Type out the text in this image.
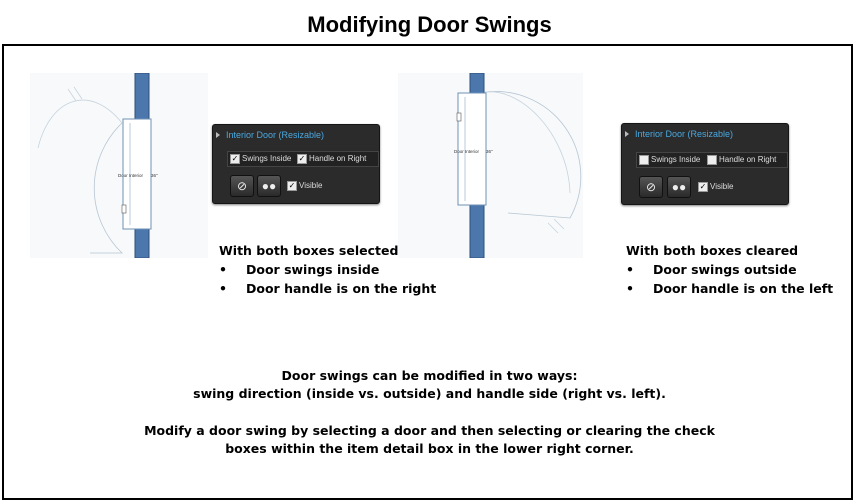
Modifying Door Swings
Door Interior 36"
Interior Door (Resizable)
✓ Swings Inside ✓ Handle on Right
⊘	●●	✓ Visible
With both boxes selected
• Door swings inside
• Door handle is on the right
Door Interior 36"
Interior Door (Resizable)
Swings Inside Handle on Right
⊘	●●	✓ Visible
With both boxes cleared
• Door swings outside
• Door handle is on the left
Door swings can be modified in two ways:
swing direction (inside vs. outside) and handle side (right vs. left).
Modify a door swing by selecting a door and then selecting or clearing the check
boxes within the item detail box in the lower right corner.
